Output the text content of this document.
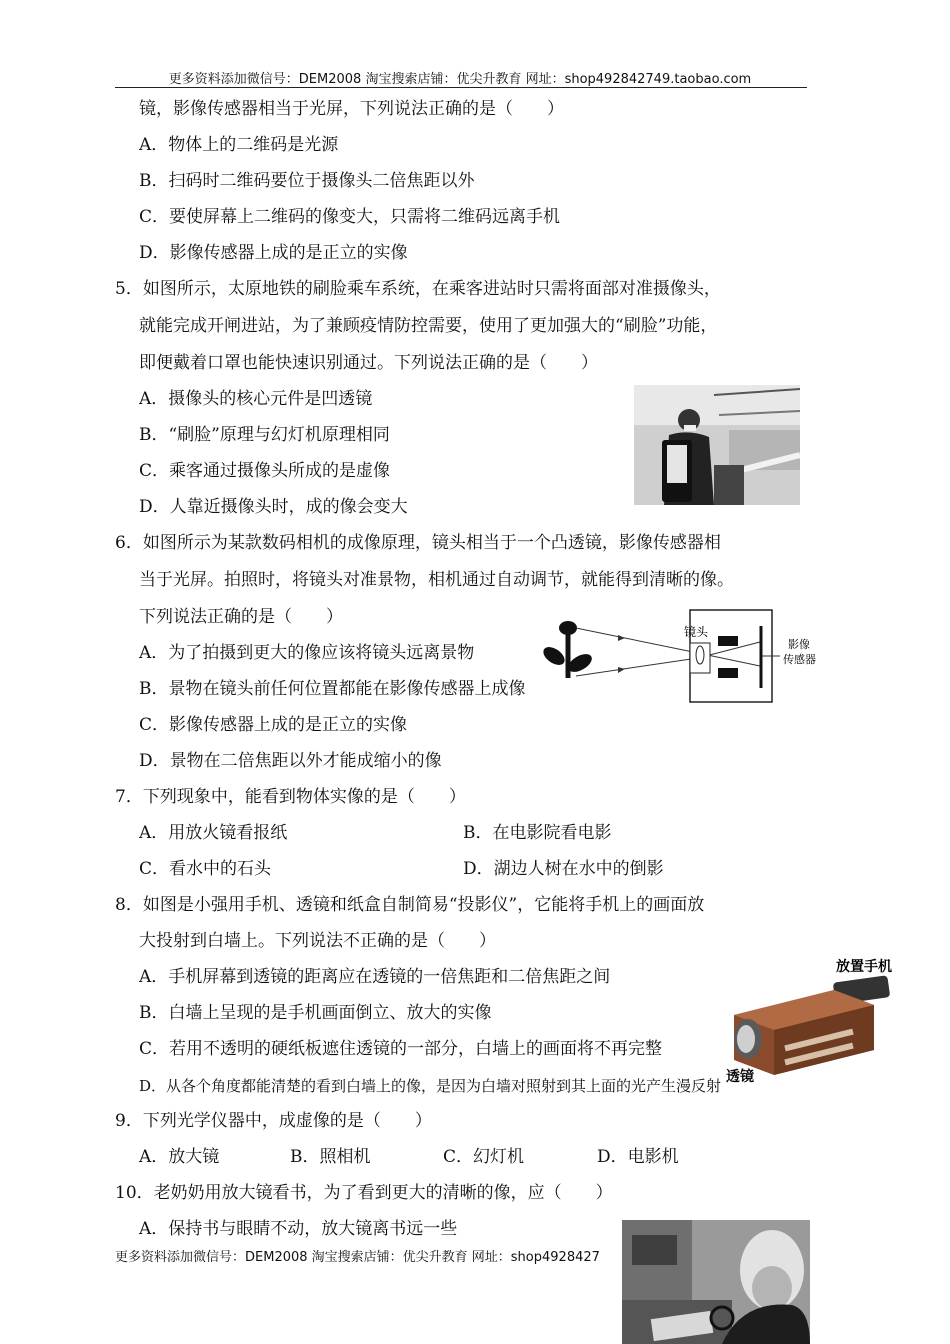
更多资料添加微信号：DEM2008 淘宝搜索店铺：优尖升教育 网址：shop492842749.taobao.com
镜，影像传感器相当于光屏，下列说法正确的是（　　）
A．物体上的二维码是光源
B．扫码时二维码要位于摄像头二倍焦距以外
C．要使屏幕上二维码的像变大，只需将二维码远离手机
D．影像传感器上成的是正立的实像
5．如图所示，太原地铁的刷脸乘车系统，在乘客进站时只需将面部对准摄像头，
就能完成开闸进站，为了兼顾疫情防控需要，使用了更加强大的“刷脸”功能，
即便戴着口罩也能快速识别通过。下列说法正确的是（　　）
A．摄像头的核心元件是凹透镜
B．“刷脸”原理与幻灯机原理相同
C．乘客通过摄像头所成的是虚像
D．人靠近摄像头时，成的像会变大
6．如图所示为某款数码相机的成像原理，镜头相当于一个凸透镜，影像传感器相
当于光屏。拍照时，将镜头对准景物，相机通过自动调节，就能得到清晰的像。
下列说法正确的是（　　）
A．为了拍摄到更大的像应该将镜头远离景物
B．景物在镜头前任何位置都能在影像传感器上成像
C．影像传感器上成的是正立的实像
D．景物在二倍焦距以外才能成缩小的像
镜头
影像
传感器
7．下列现象中，能看到物体实像的是（　　）
A．用放火镜看报纸	B．在电影院看电影
C．看水中的石头	D．湖边人树在水中的倒影
8．如图是小强用手机、透镜和纸盒自制简易“投影仪”，它能将手机上的画面放
大投射到白墙上。下列说法不正确的是（　　）
A．手机屏幕到透镜的距离应在透镜的一倍焦距和二倍焦距之间
B．白墙上呈现的是手机画面倒立、放大的实像
C．若用不透明的硬纸板遮住透镜的一部分，白墙上的画面将不再完整
D．从各个角度都能清楚的看到白墙上的像，是因为白墙对照射到其上面的光产生漫反射
放置手机
透镜
9．下列光学仪器中，成虚像的是（　　）
A．放大镜	B．照相机	C．幻灯机	D．电影机
10．老奶奶用放大镜看书，为了看到更大的清晰的像，应（　　）
A．保持书与眼睛不动，放大镜离书远一些
更多资料添加微信号：DEM2008 淘宝搜索店铺：优尖升教育 网址：shop4928427
